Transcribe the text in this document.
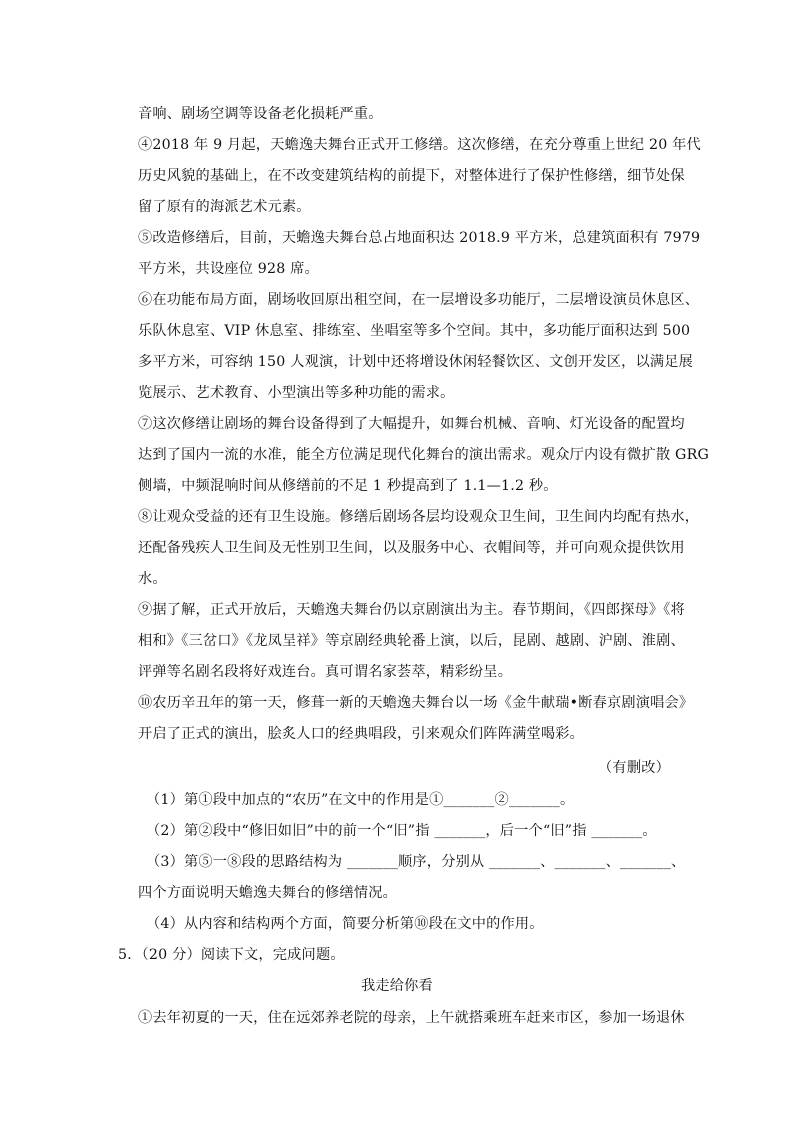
音响、剧场空调等设备老化损耗严重。
④2018 年 9 月起，天蟾逸夫舞台正式开工修缮。这次修缮，在充分尊重上世纪 20 年代
历史风貌的基础上，在不改变建筑结构的前提下，对整体进行了保护性修缮，细节处保
留了原有的海派艺术元素。
⑤改造修缮后，目前，天蟾逸夫舞台总占地面积达 2018.9 平方米，总建筑面积有 7979
平方米，共设座位 928 席。
⑥在功能布局方面，剧场收回原出租空间，在一层增设多功能厅，二层增设演员休息区、
乐队休息室、VIP 休息室、排练室、坐唱室等多个空间。其中，多功能厅面积达到 500
多平方米，可容纳 150 人观演，计划中还将增设休闲轻餐饮区、文创开发区，以满足展
览展示、艺术教育、小型演出等多种功能的需求。
⑦这次修缮让剧场的舞台设备得到了大幅提升，如舞台机械、音响、灯光设备的配置均
达到了国内一流的水准，能全方位满足现代化舞台的演出需求。观众厅内设有微扩散 GRG
侧墙，中频混响时间从修缮前的不足 1 秒提高到了 1.1—1.2 秒。
⑧让观众受益的还有卫生设施。修缮后剧场各层均设观众卫生间，卫生间内均配有热水，
还配备残疾人卫生间及无性别卫生间，以及服务中心、衣帽间等，并可向观众提供饮用
水。
⑨据了解，正式开放后，天蟾逸夫舞台仍以京剧演出为主。春节期间，《四郎探母》《将
相和》《三岔口》《龙凤呈祥》等京剧经典轮番上演，以后，昆剧、越剧、沪剧、淮剧、
评弹等名剧名段将好戏连台。真可谓名家荟萃，精彩纷呈。
⑩农历辛丑年的第一天，修葺一新的天蟾逸夫舞台以一场《金牛献瑞•断春京剧演唱会》
开启了正式的演出，脍炙人口的经典唱段，引来观众们阵阵满堂喝彩。
（有删改）
（1）第①段中加点的“农历”在文中的作用是①_______②_______。
（2）第②段中“修旧如旧”中的前一个“旧”指 _______，后一个“旧”指 _______。
（3）第⑤一⑧段的思路结构为 _______顺序，分别从 _______、_______、_______、
四个方面说明天蟾逸夫舞台的修缮情况。
（4）从内容和结构两个方面，简要分析第⑩段在文中的作用。
5．（20 分）阅读下文，完成问题。
我走给你看
①去年初夏的一天，住在远郊养老院的母亲，上午就搭乘班车赶来市区，参加一场退休
